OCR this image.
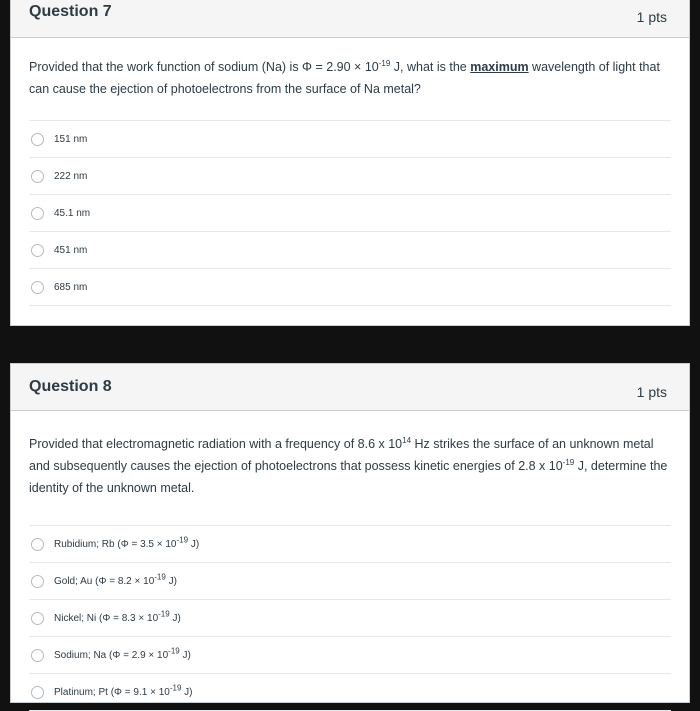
Question 7	1 pts
Provided that the work function of sodium (Na) is $\Phi = 2.90 \times 10^{-19}$ J, what is the maximum wavelength of light that can cause the ejection of photoelectrons from the surface of Na metal?
151 nm
222 nm
45.1 nm
451 nm
685 nm
Question 8	1 pts
Provided that electromagnetic radiation with a frequency of 8.6 x $10^{14}$ Hz strikes the surface of an unknown metal and subsequently causes the ejection of photoelectrons that possess kinetic energies of 2.8 x $10^{-19}$ J, determine the identity of the unknown metal.
Rubidium; Rb ($\Phi = 3.5 \times 10^{-19}$ J)
Gold; Au ($\Phi = 8.2 \times 10^{-19}$ J)
Nickel; Ni ($\Phi = 8.3 \times 10^{-19}$ J)
Sodium; Na ($\Phi = 2.9 \times 10^{-19}$ J)
Platinum; Pt ($\Phi = 9.1 \times 10^{-19}$ J)
